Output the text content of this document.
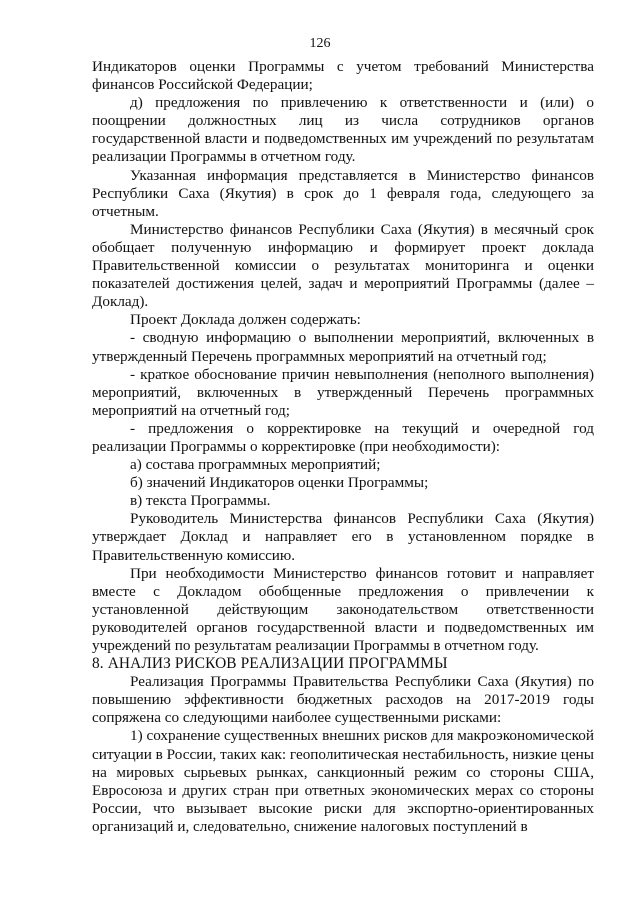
126

Индикаторов оценки Программы с учетом требований Министерства финансов Российской Федерации;

д) предложения по привлечению к ответственности и (или) о поощрении должностных лиц из числа сотрудников органов государственной власти и подведомственных им учреждений по результатам реализации Программы в отчетном году.

Указанная информация представляется в Министерство финансов Республики Саха (Якутия) в срок до 1 февраля года, следующего за отчетным.

Министерство финансов Республики Саха (Якутия) в месячный срок обобщает полученную информацию и формирует проект доклада Правительственной комиссии о результатах мониторинга и оценки показателей достижения целей, задач и мероприятий Программы (далее – Доклад).

Проект Доклада должен содержать:

- сводную информацию о выполнении мероприятий, включенных в утвержденный Перечень программных мероприятий на отчетный год;

- краткое обоснование причин невыполнения (неполного выполнения) мероприятий, включенных в утвержденный Перечень программных мероприятий на отчетный год;

- предложения о корректировке на текущий и очередной год реализации Программы о корректировке (при необходимости):

а) состава программных мероприятий;

б) значений Индикаторов оценки Программы;

в) текста Программы.

Руководитель Министерства финансов Республики Саха (Якутия) утверждает Доклад и направляет его в установленном порядке в Правительственную комиссию.

При необходимости Министерство финансов готовит и направляет вместе с Докладом обобщенные предложения о привлечении к установленной действующим законодательством ответственности руководителей органов государственной власти и подведомственных им учреждений по результатам реализации Программы в отчетном году.

8. АНАЛИЗ РИСКОВ РЕАЛИЗАЦИИ ПРОГРАММЫ

Реализация Программы Правительства Республики Саха (Якутия) по повышению эффективности бюджетных расходов на 2017-2019 годы сопряжена со следующими наиболее существенными рисками:

1) сохранение существенных внешних рисков для макроэкономической ситуации в России, таких как: геополитическая нестабильность, низкие цены на мировых сырьевых рынках, санкционный режим со стороны США, Евросоюза и других стран при ответных экономических мерах со стороны России, что вызывает высокие риски для экспортно-ориентированных организаций и, следовательно, снижение налоговых поступлений в
